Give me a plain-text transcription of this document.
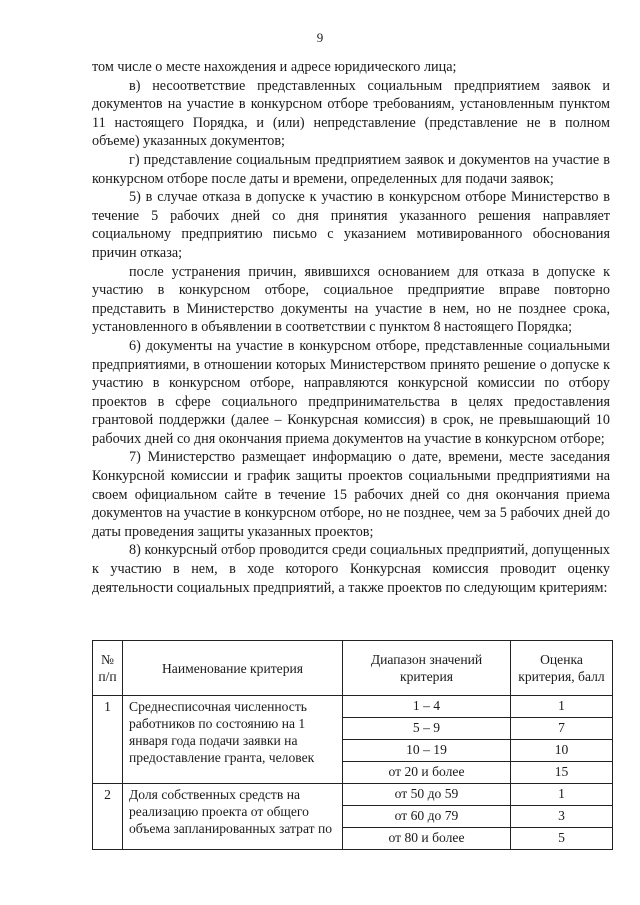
9

том числе о месте нахождения и адресе юридического лица;

в) несоответствие представленных социальным предприятием заявок и документов на участие в конкурсном отборе требованиям, установленным пунктом 11 настоящего Порядка, и (или) непредставление (представление не в полном объеме) указанных документов;

г) представление социальным предприятием заявок и документов на участие в конкурсном отборе после даты и времени, определенных для подачи заявок;

5) в случае отказа в допуске к участию в конкурсном отборе Министерство в течение 5 рабочих дней со дня принятия указанного решения направляет социальному предприятию письмо с указанием мотивированного обоснования причин отказа;

после устранения причин, явившихся основанием для отказа в допуске к участию в конкурсном отборе, социальное предприятие вправе повторно представить в Министерство документы на участие в нем, но не позднее срока, установленного в объявлении в соответствии с пунктом 8 настоящего Порядка;

6) документы на участие в конкурсном отборе, представленные социальными предприятиями, в отношении которых Министерством принято решение о допуске к участию в конкурсном отборе, направляются конкурсной комиссии по отбору проектов в сфере социального предпринимательства в целях предоставления грантовой поддержки (далее – Конкурсная комиссия) в срок, не превышающий 10 рабочих дней со дня окончания приема документов на участие в конкурсном отборе;

7) Министерство размещает информацию о дате, времени, месте заседания Конкурсной комиссии и график защиты проектов социальными предприятиями на своем официальном сайте в течение 15 рабочих дней со дня окончания приема документов на участие в конкурсном отборе, но не позднее, чем за 5 рабочих дней до даты проведения защиты указанных проектов;

8) конкурсный отбор проводится среди социальных предприятий, допущенных к участию в нем, в ходе которого Конкурсная комиссия проводит оценку деятельности социальных предприятий, а также проектов по следующим критериям:

№ п/п	Наименование критерия	Диапазон значений критерия	Оценка критерия, балл
1	Среднесписочная численность работников по состоянию на 1 января года подачи заявки на предоставление гранта, человек	1 – 4	1
		5 – 9	7
		10 – 19	10
		от 20 и более	15
2	Доля собственных средств на реализацию проекта от общего объема запланированных затрат по	от 50 до 59	1
		от 60 до 79	3
		от 80 и более	5
